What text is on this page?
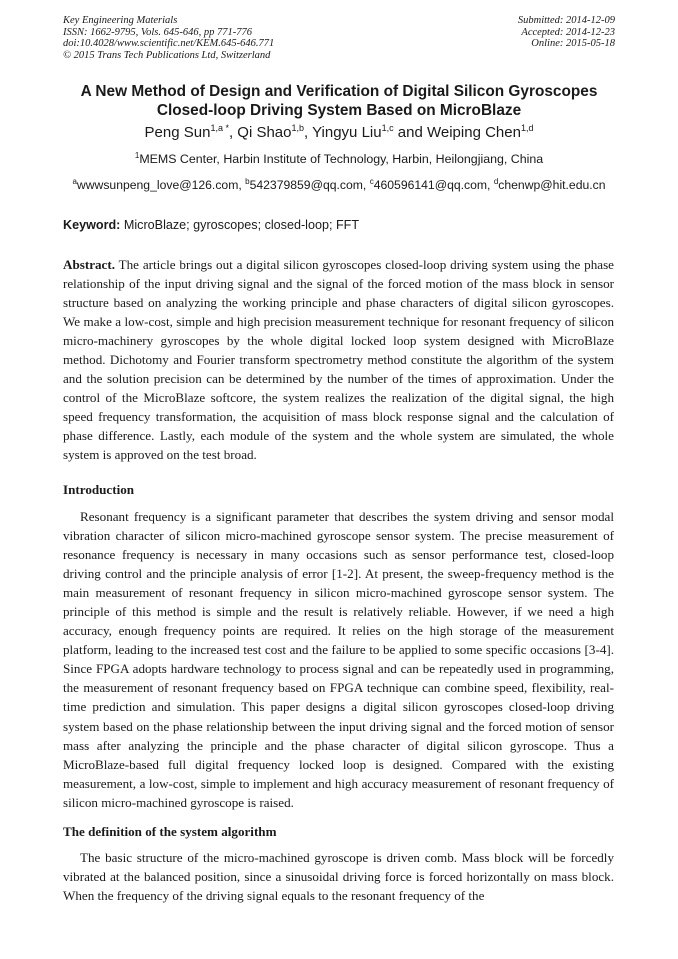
Key Engineering Materials
ISSN: 1662-9795, Vols. 645-646, pp 771-776
doi:10.4028/www.scientific.net/KEM.645-646.771
© 2015 Trans Tech Publications Ltd, Switzerland
Submitted: 2014-12-09
Accepted: 2014-12-23
Online: 2015-05-18
A New Method of Design and Verification of Digital Silicon Gyroscopes
Closed-loop Driving System Based on MicroBlaze
Peng Sun$^{1,a *}$, Qi Shao$^{1,b}$, Yingyu Liu$^{1,c}$ and Weiping Chen$^{1,d}$
$^1$MEMS Center, Harbin Institute of Technology, Harbin, Heilongjiang, China
$^a$wwwsunpeng_love@126.com, $^b$542379859@qq.com, $^c$460596141@qq.com, $^d$chenwp@hit.edu.cn
Keyword: MicroBlaze; gyroscopes; closed-loop; FFT

Abstract. The article brings out a digital silicon gyroscopes closed-loop driving system using the phase relationship of the input driving signal and the signal of the forced motion of the mass block in sensor structure based on analyzing the working principle and phase characters of digital silicon gyroscopes. We make a low-cost, simple and high precision measurement technique for resonant frequency of silicon micro-machinery gyroscopes by the whole digital locked loop system designed with MicroBlaze method. Dichotomy and Fourier transform spectrometry method constitute the algorithm of the system and the solution precision can be determined by the number of the times of approximation. Under the control of the MicroBlaze softcore, the system realizes the realization of the digital signal, the high speed frequency transformation, the acquisition of mass block response signal and the calculation of phase difference. Lastly, each module of the system and the whole system are simulated, the whole system is approved on the test broad.

Introduction

Resonant frequency is a significant parameter that describes the system driving and sensor modal vibration character of silicon micro-machined gyroscope sensor system. The precise measurement of resonance frequency is necessary in many occasions such as sensor performance test, closed-loop driving control and the principle analysis of error [1-2]. At present, the sweep-frequency method is the main measurement of resonant frequency in silicon micro-machined gyroscope sensor system. The principle of this method is simple and the result is relatively reliable. However, if we need a high accuracy, enough frequency points are required. It relies on the high storage of the measurement platform, leading to the increased test cost and the failure to be applied to some specific occasions [3-4]. Since FPGA adopts hardware technology to process signal and can be repeatedly used in programming, the measurement of resonant frequency based on FPGA technique can combine speed, flexibility, real-time prediction and simulation. This paper designs a digital silicon gyroscopes closed-loop driving system based on the phase relationship between the input driving signal and the forced motion of sensor mass after analyzing the principle and the phase character of digital silicon gyroscope. Thus a MicroBlaze-based full digital frequency locked loop is designed. Compared with the existing measurement, a low-cost, simple to implement and high accuracy measurement of resonant frequency of silicon micro-machined gyroscope is raised.

The definition of the system algorithm

The basic structure of the micro-machined gyroscope is driven comb. Mass block will be forcedly vibrated at the balanced position, since a sinusoidal driving force is forced horizontally on mass block. When the frequency of the driving signal equals to the resonant frequency of the
